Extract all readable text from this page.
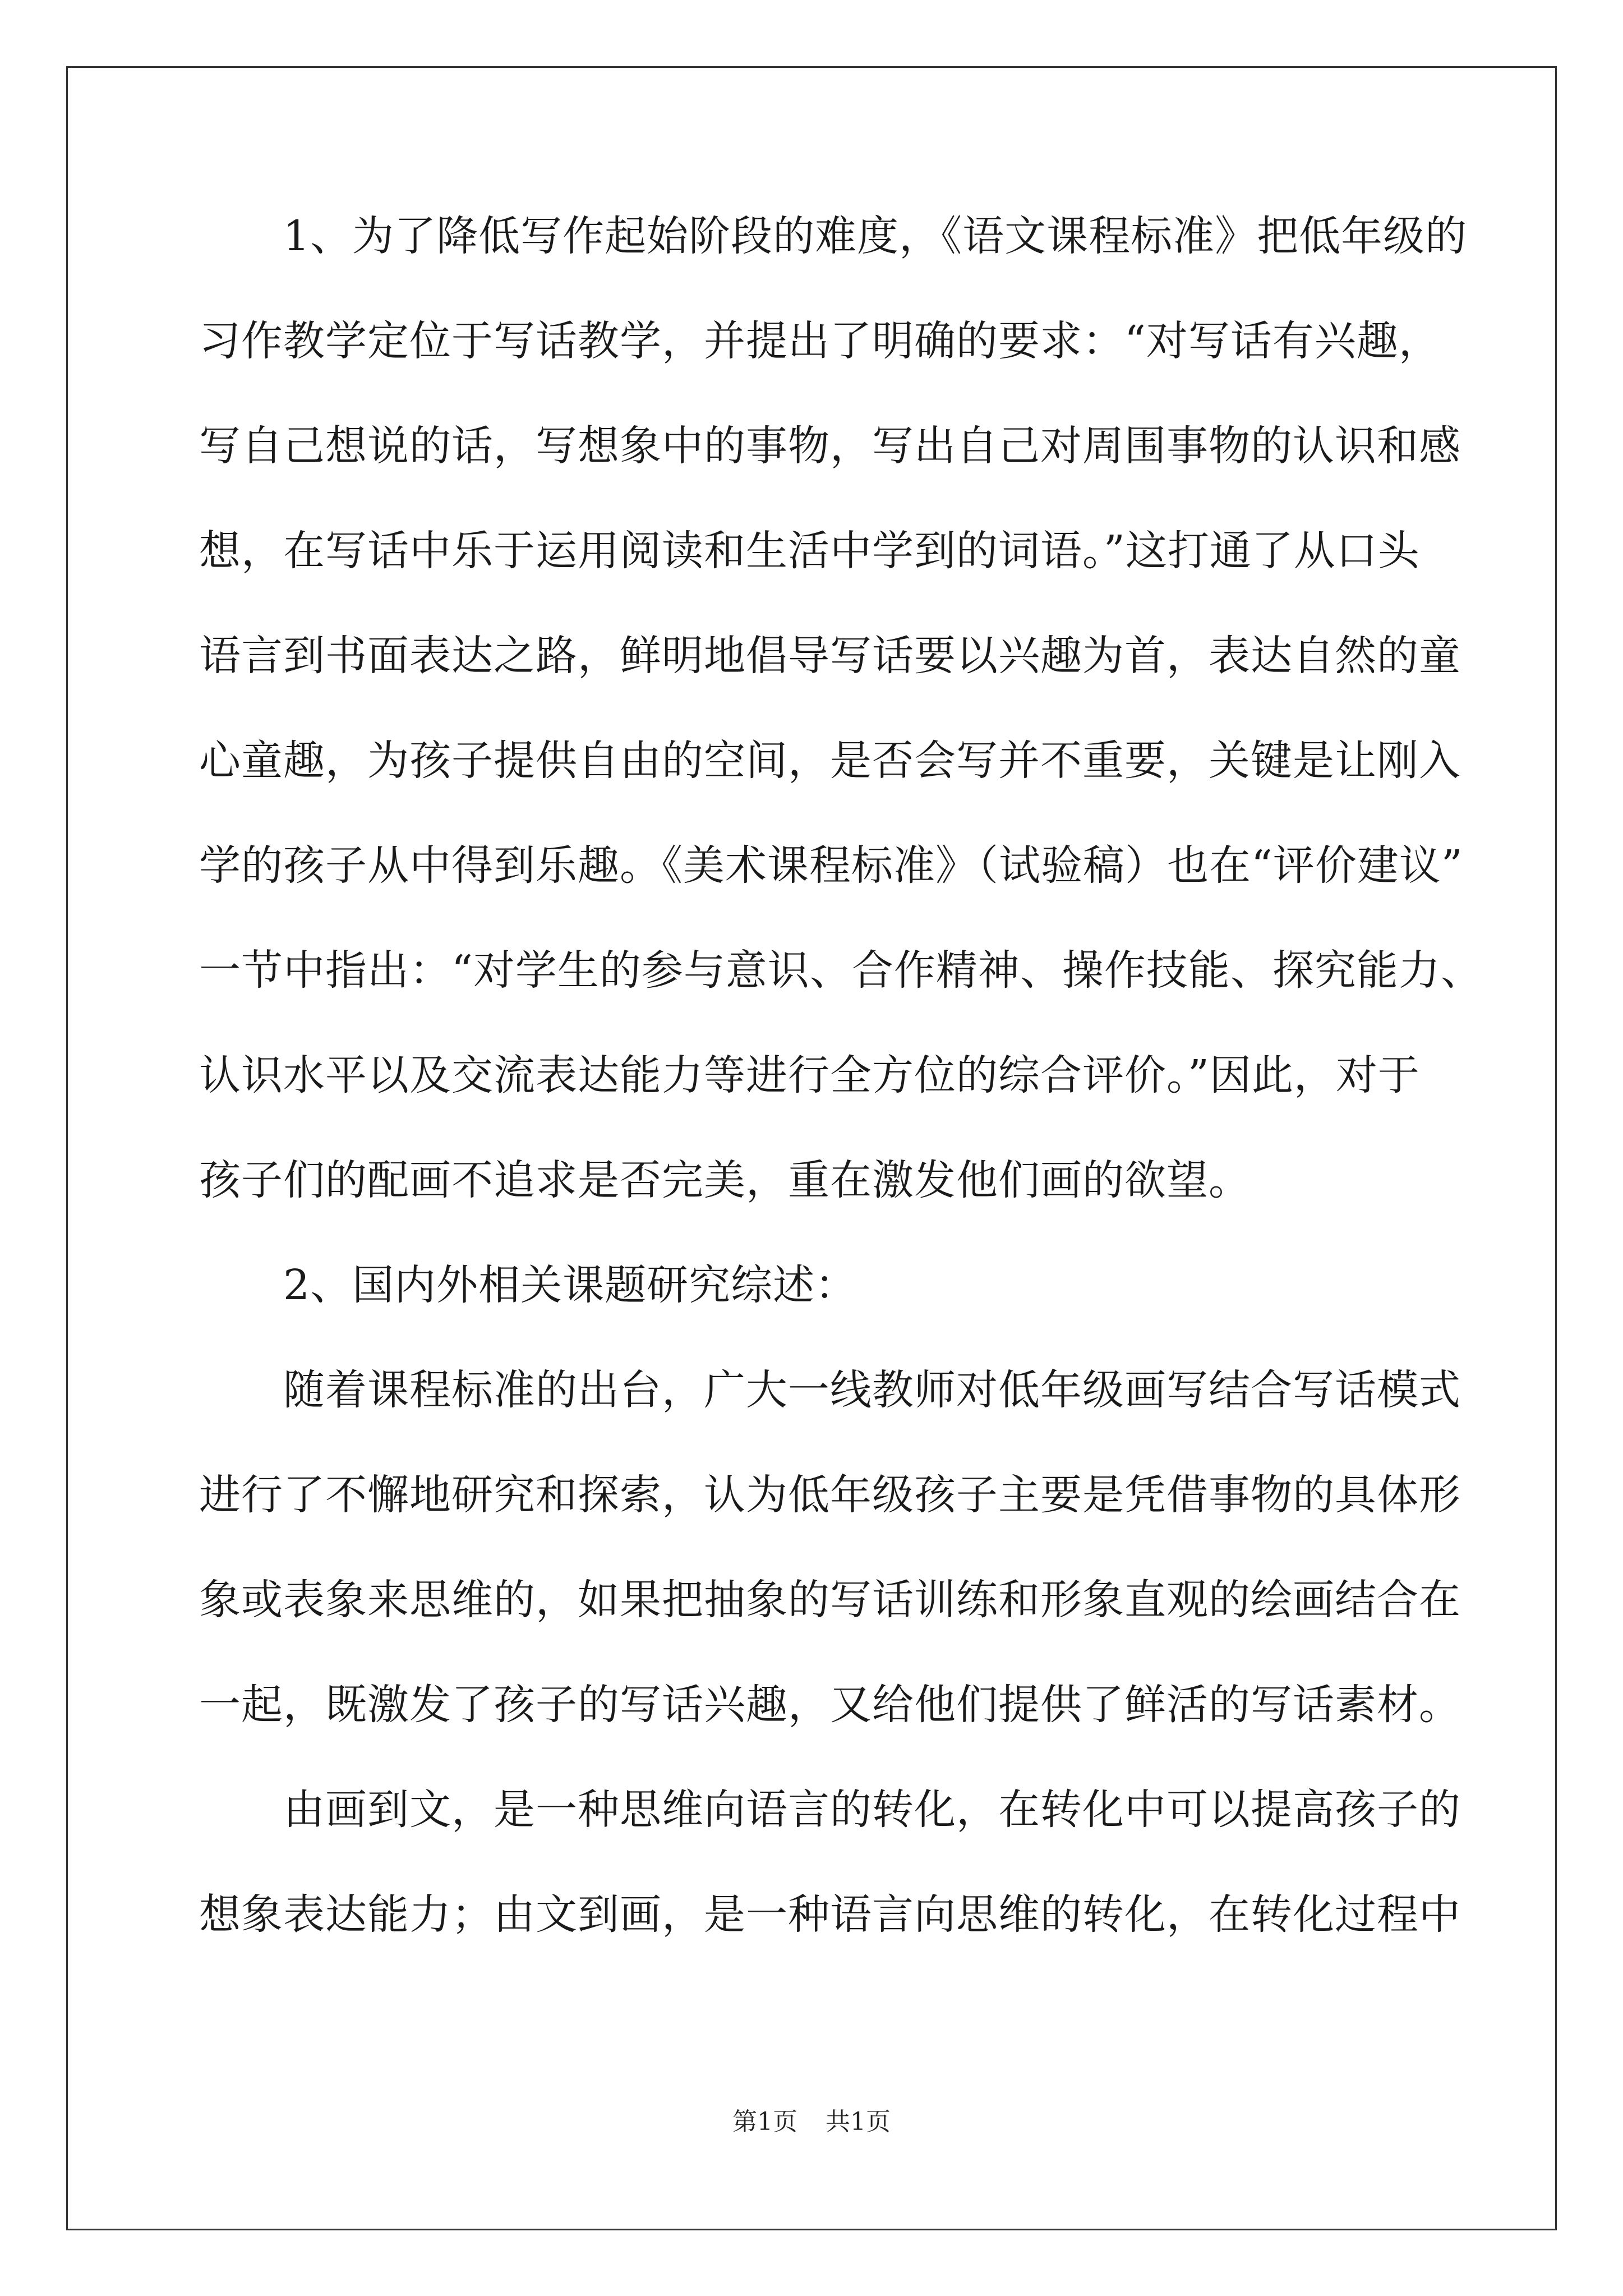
1、为了降低写作起始阶段的难度，《语文课程标准》把低年级的

习作教学定位于写话教学，并提出了明确的要求：“对写话有兴趣，

写自己想说的话，写想象中的事物，写出自己对周围事物的认识和感

想，在写话中乐于运用阅读和生活中学到的词语。”这打通了从口头

语言到书面表达之路，鲜明地倡导写话要以兴趣为首，表达自然的童

心童趣，为孩子提供自由的空间，是否会写并不重要，关键是让刚入

学的孩子从中得到乐趣。《美术课程标准》（试验稿）也在“评价建议”

一节中指出：“对学生的参与意识、合作精神、操作技能、探究能力、

认识水平以及交流表达能力等进行全方位的综合评价。”因此，对于

孩子们的配画不追求是否完美，重在激发他们画的欲望。

2、国内外相关课题研究综述：

随着课程标准的出台，广大一线教师对低年级画写结合写话模式

进行了不懈地研究和探索，认为低年级孩子主要是凭借事物的具体形

象或表象来思维的，如果把抽象的写话训练和形象直观的绘画结合在

一起，既激发了孩子的写话兴趣，又给他们提供了鲜活的写话素材。

由画到文，是一种思维向语言的转化，在转化中可以提高孩子的

想象表达能力；由文到画，是一种语言向思维的转化，在转化过程中

第1页 共1页
